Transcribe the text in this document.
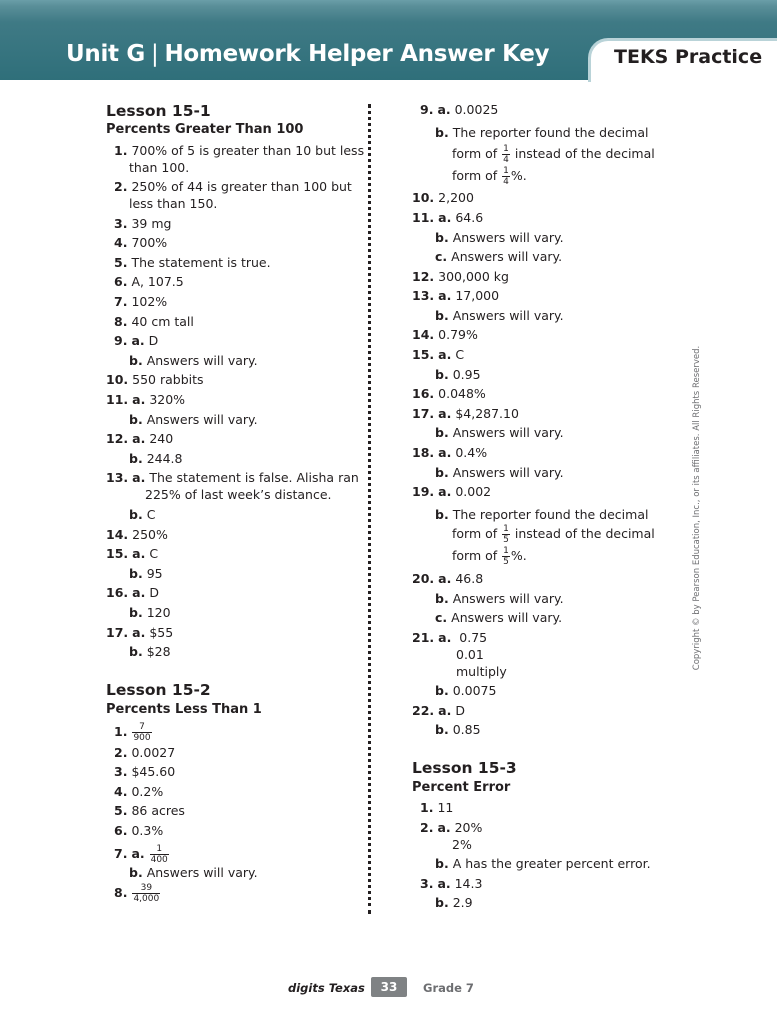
Unit G | Homework Helper Answer Key	TEKS Practice
Lesson 15-1
Percents Greater Than 100
1. 700% of 5 is greater than 10 but less
than 100.
2. 250% of 44 is greater than 100 but
less than 150.
3. 39 mg
4. 700%
5. The statement is true.
6. A, 107.5
7. 102%
8. 40 cm tall
9. a. D
b. Answers will vary.
10. 550 rabbits
11. a. 320%
b. Answers will vary.
12. a. 240
b. 244.8
13. a. The statement is false. Alisha ran
225% of last week’s distance.
b. C
14. 250%
15. a. C
b. 95
16. a. D
b. 120
17. a. $55
b. $28
Lesson 15-2
Percents Less Than 1
1. $\frac{7}{900}$
2. 0.0027
3. $45.60
4. 0.2%
5. 86 acres
6. 0.3%
7. a. $\frac{1}{400}$
b. Answers will vary.
8. $\frac{39}{4,000}$
9. a. 0.0025
b. The reporter found the decimal
form of $\frac{1}{4}$ instead of the decimal
form of $\frac{1}{4}$ %.
10. 2,200
11. a. 64.6
b. Answers will vary.
c. Answers will vary.
12. 300,000 kg
13. a. 17,000
b. Answers will vary.
14. 0.79%
15. a. C
b. 0.95
16. 0.048%
17. a. $4,287.10
b. Answers will vary.
18. a. 0.4%
b. Answers will vary.
19. a. 0.002
b. The reporter found the decimal
form of $\frac{1}{5}$ instead of the decimal
form of $\frac{1}{5}$ %.
20. a. 46.8
b. Answers will vary.
c. Answers will vary.
21. a. 0.75
0.01
multiply
b. 0.0075
22. a. D
b. 0.85
Lesson 15-3
Percent Error
1. 11
2. a. 20%
2%
b. A has the greater percent error.
3. a. 14.3
b. 2.9
Copyright © by Pearson Education, Inc., or its affiliates. All Rights Reserved.
digits Texas	33	Grade 7
